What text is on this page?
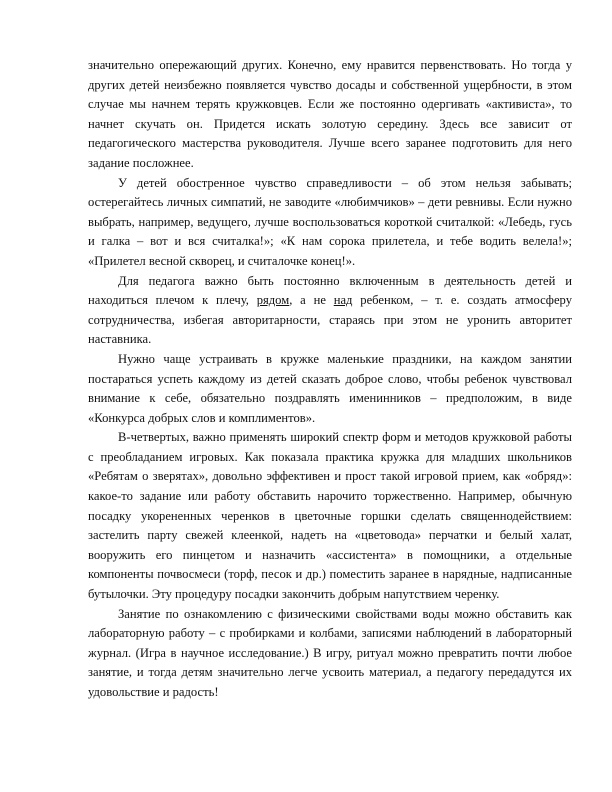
значительно опережающий других. Конечно, ему нравится первенствовать. Но тогда у других детей неизбежно появляется чувство досады и собственной ущербности, в этом случае мы начнем терять кружковцев. Если же постоянно одергивать «активиста», то начнет скучать он. Придется искать золотую середину. Здесь все зависит от педагогического мастерства руководителя. Лучше всего заранее подготовить для него задание посложнее.

У детей обостренное чувство справедливости – об этом нельзя забывать; остерегайтесь личных симпатий, не заводите «любимчиков» – дети ревнивы. Если нужно выбрать, например, ведущего, лучше воспользоваться короткой считалкой: «Лебедь, гусь и галка – вот и вся считалка!»; «К нам сорока прилетела, и тебе водить велела!»; «Прилетел весной скворец, и считалочке конец!».

Для педагога важно быть постоянно включенным в деятельность детей и находиться плечом к плечу, рядом, а не над ребенком, – т. е. создать атмосферу сотрудничества, избегая авторитарности, стараясь при этом не уронить авторитет наставника.

Нужно чаще устраивать в кружке маленькие праздники, на каждом занятии постараться успеть каждому из детей сказать доброе слово, чтобы ребенок чувствовал внимание к себе, обязательно поздравлять именинников – предположим, в виде «Конкурса добрых слов и комплиментов».

В-четвертых, важно применять широкий спектр форм и методов кружковой работы с преобладанием игровых. Как показала практика кружка для младших школьников «Ребятам о зверятах», довольно эффективен и прост такой игровой прием, как «обряд»: какое-то задание или работу обставить нарочито торжественно. Например, обычную посадку укорененных черенков в цветочные горшки сделать священнодействием: застелить парту свежей клеенкой, надеть на «цветовода» перчатки и белый халат, вооружить его пинцетом и назначить «ассистента» в помощники, а отдельные компоненты почвосмеси (торф, песок и др.) поместить заранее в нарядные, надписанные бутылочки. Эту процедуру посадки закончить добрым напутствием черенку.

Занятие по ознакомлению с физическими свойствами воды можно обставить как лабораторную работу – с пробирками и колбами, записями наблюдений в лабораторный журнал. (Игра в научное исследование.) В игру, ритуал можно превратить почти любое занятие, и тогда детям значительно легче усвоить материал, а педагогу передадутся их удовольствие и радость!
